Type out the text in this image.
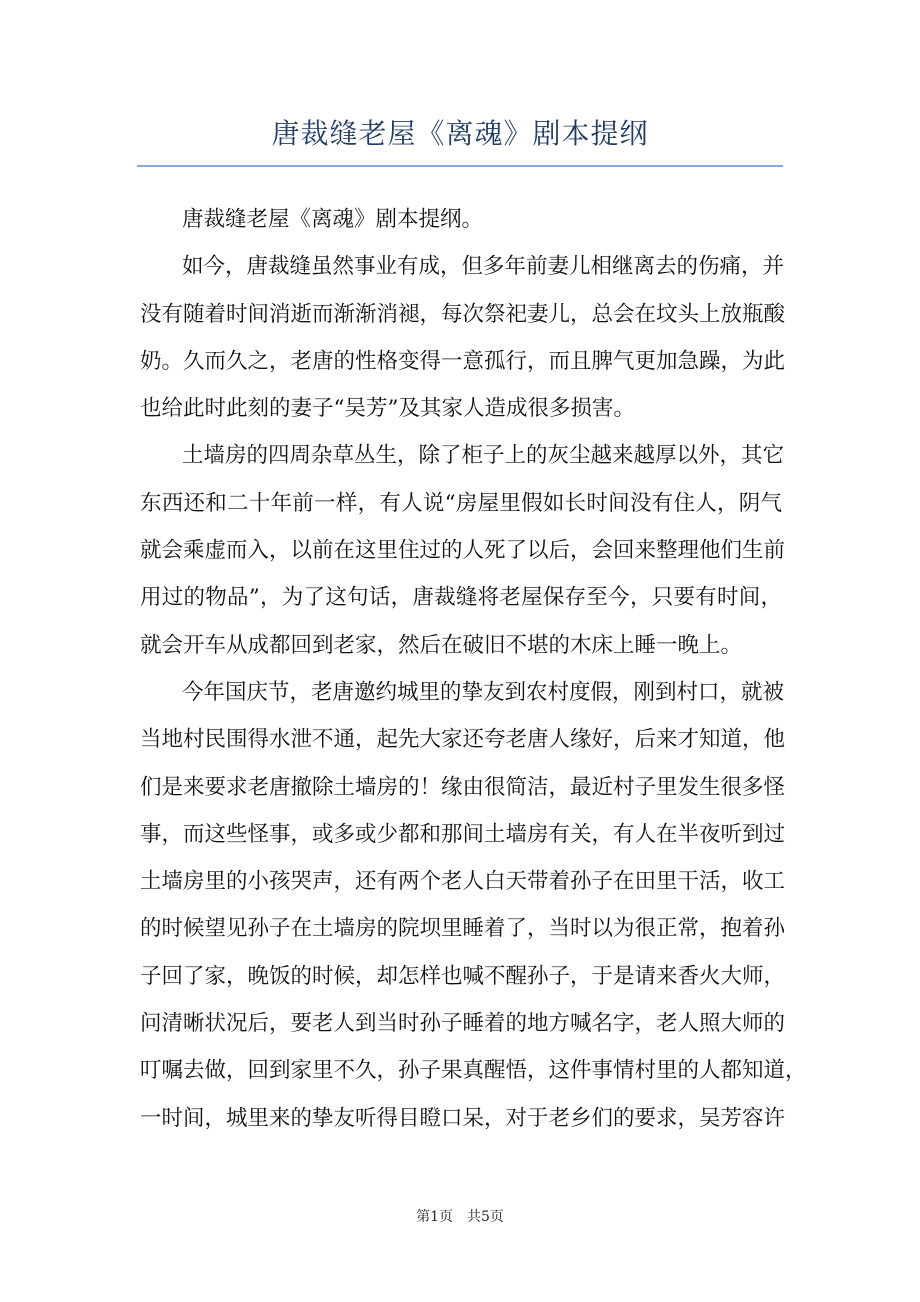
唐裁缝老屋《离魂》剧本提纲
唐裁缝老屋《离魂》剧本提纲。
如今，唐裁缝虽然事业有成，但多年前妻儿相继离去的伤痛，并
没有随着时间消逝而渐渐消褪，每次祭祀妻儿，总会在坟头上放瓶酸
奶。久而久之，老唐的性格变得一意孤行，而且脾气更加急躁，为此
也给此时此刻的妻子“吴芳”及其家人造成很多损害。
土墙房的四周杂草丛生，除了柜子上的灰尘越来越厚以外，其它
东西还和二十年前一样，有人说“房屋里假如长时间没有住人，阴气
就会乘虚而入，以前在这里住过的人死了以后，会回来整理他们生前
用过的物品”，为了这句话，唐裁缝将老屋保存至今，只要有时间，
就会开车从成都回到老家，然后在破旧不堪的木床上睡一晚上。
今年国庆节，老唐邀约城里的挚友到农村度假，刚到村口，就被
当地村民围得水泄不通，起先大家还夸老唐人缘好，后来才知道，他
们是来要求老唐撤除土墙房的！缘由很简洁，最近村子里发生很多怪
事，而这些怪事，或多或少都和那间土墙房有关，有人在半夜听到过
土墙房里的小孩哭声，还有两个老人白天带着孙子在田里干活，收工
的时候望见孙子在土墙房的院坝里睡着了，当时以为很正常，抱着孙
子回了家，晚饭的时候，却怎样也喊不醒孙子，于是请来香火大师，
问清晰状况后，要老人到当时孙子睡着的地方喊名字，老人照大师的
叮嘱去做，回到家里不久，孙子果真醒悟，这件事情村里的人都知道，
一时间，城里来的挚友听得目瞪口呆，对于老乡们的要求，吴芳容许
第1页　共5页
